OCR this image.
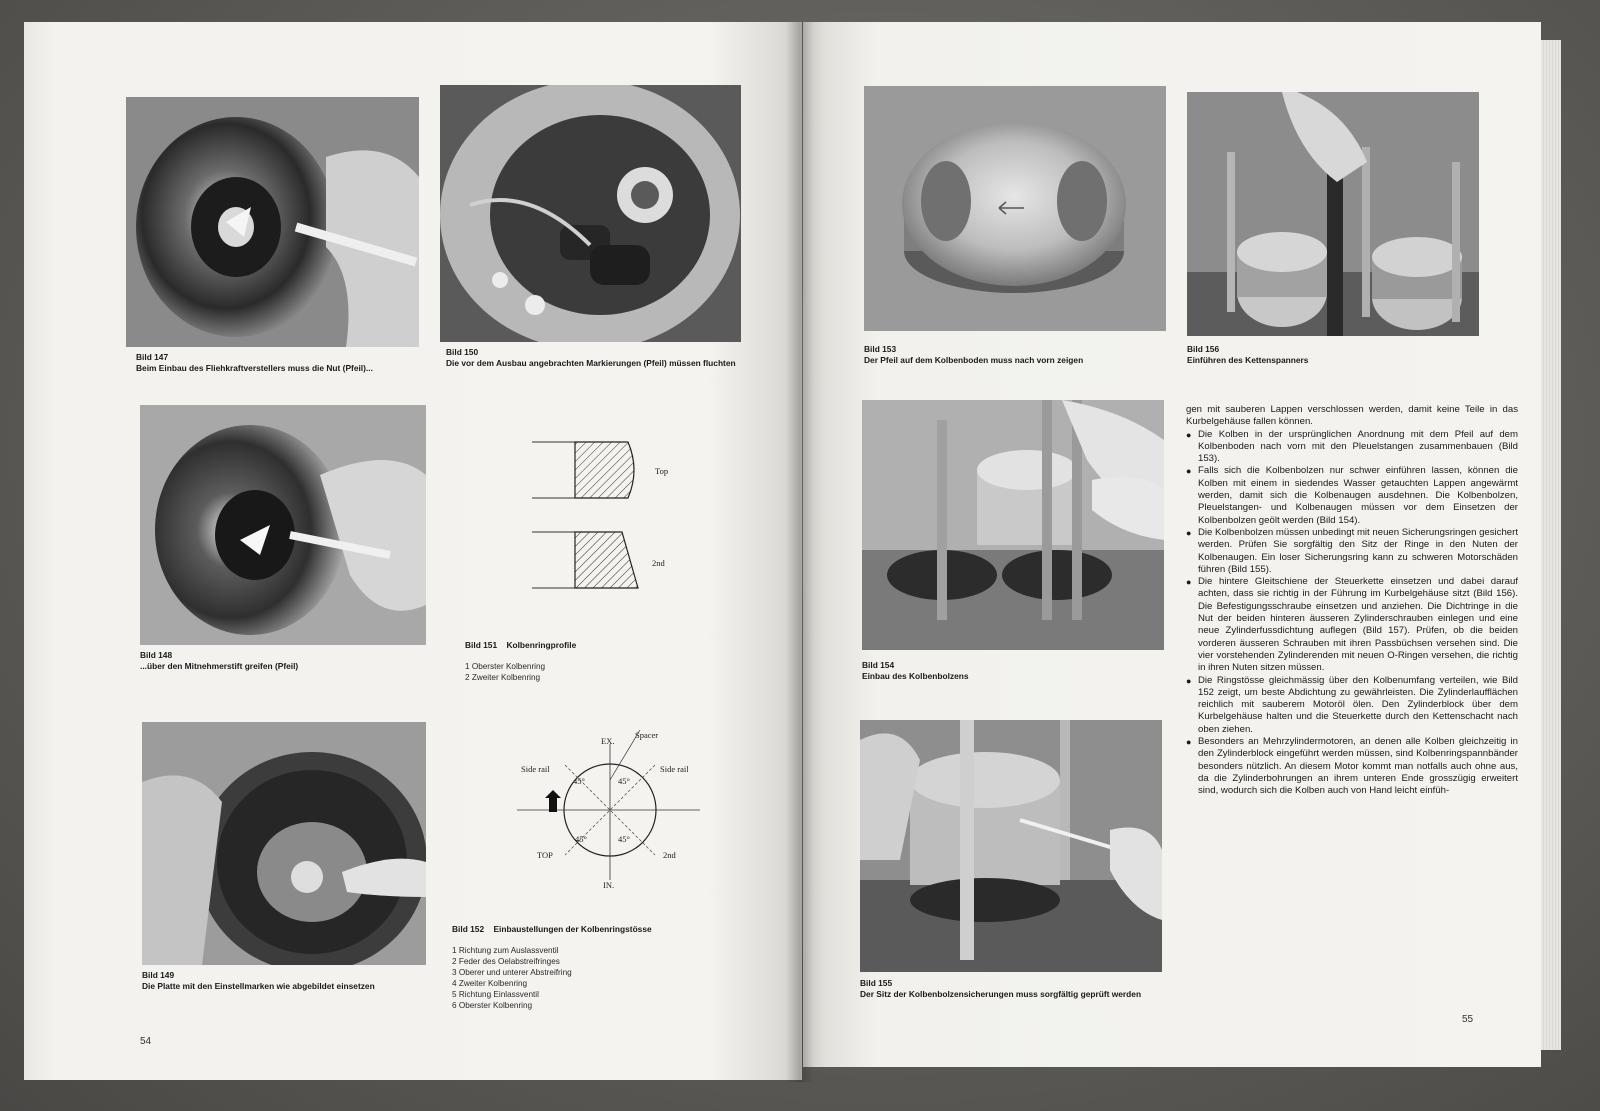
Bild 147
Beim Einbau des Fliehkraftverstellers muss die Nut (Pfeil)...
Bild 150
Die vor dem Ausbau angebrachten Markierungen (Pfeil) müssen fluchten
Bild 148
...über den Mitnehmerstift greifen (Pfeil)
Bild 149
Die Platte mit den Einstellmarken wie abgebildet einsetzen
Top
2nd
Bild 151 Kolbenringprofile
1 Oberster Kolbenring
2 Zweiter Kolbenring
Spacer
EX.
Side rail	Side rail
45°	45°
45°	45°
TOP	2nd
IN.
Bild 152 Einbaustellungen der Kolbenringstösse
1 Richtung zum Auslassventil
2 Feder des Oelabstreifringes
3 Oberer und unterer Abstreifring
4 Zweiter Kolbenring
5 Richtung Einlassventil
6 Oberster Kolbenring
54
Bild 153
Der Pfeil auf dem Kolbenboden muss nach vorn zeigen
Bild 156
Einführen des Kettenspanners
Bild 154
Einbau des Kolbenbolzens
Bild 155
Der Sitz der Kolbenbolzensicherungen muss sorgfältig geprüft werden

gen mit sauberen Lappen verschlossen werden, damit keine Teile in das Kurbelgehäuse fallen können.

● Die Kolben in der ursprünglichen Anordnung mit dem Pfeil auf dem Kolbenboden nach vorn mit den Pleuelstangen zusammenbauen (Bild 153).

● Falls sich die Kolbenbolzen nur schwer einführen lassen, können die Kolben mit einem in siedendes Wasser getauchten Lappen angewärmt werden, damit sich die Kolbenaugen ausdehnen. Die Kolbenbolzen, Pleuelstangen- und Kolbenaugen müssen vor dem Einsetzen der Kolbenbolzen geölt werden (Bild 154).

● Die Kolbenbolzen müssen unbedingt mit neuen Sicherungsringen gesichert werden. Prüfen Sie sorgfältig den Sitz der Ringe in den Nuten der Kolbenaugen. Ein loser Sicherungsring kann zu schweren Motorschäden führen (Bild 155).

● Die hintere Gleitschiene der Steuerkette einsetzen und dabei darauf achten, dass sie richtig in der Führung im Kurbelgehäuse sitzt (Bild 156). Die Befestigungsschraube einsetzen und anziehen. Die Dichtringe in die Nut der beiden hinteren äusseren Zylinderschrauben einlegen und eine neue Zylinderfussdichtung auflegen (Bild 157). Prüfen, ob die beiden vorderen äusseren Schrauben mit ihren Passbüchsen versehen sind. Die vier vorstehenden Zylinderenden mit neuen O-Ringen versehen, die richtig in ihren Nuten sitzen müssen.

● Die Ringstösse gleichmässig über den Kolbenumfang verteilen, wie Bild 152 zeigt, um beste Abdichtung zu gewährleisten. Die Zylinderlaufflächen reichlich mit sauberem Motoröl ölen. Den Zylinderblock über dem Kurbelgehäuse halten und die Steuerkette durch den Kettenschacht nach oben ziehen.

● Besonders an Mehrzylindermotoren, an denen alle Kolben gleichzeitig in den Zylinderblock eingeführt werden müssen, sind Kolbenringspannbänder besonders nützlich. An diesem Motor kommt man notfalls auch ohne aus, da die Zylinderbohrungen an ihrem unteren Ende grosszügig erweitert sind, wodurch sich die Kolben auch von Hand leicht einfüh-

55
